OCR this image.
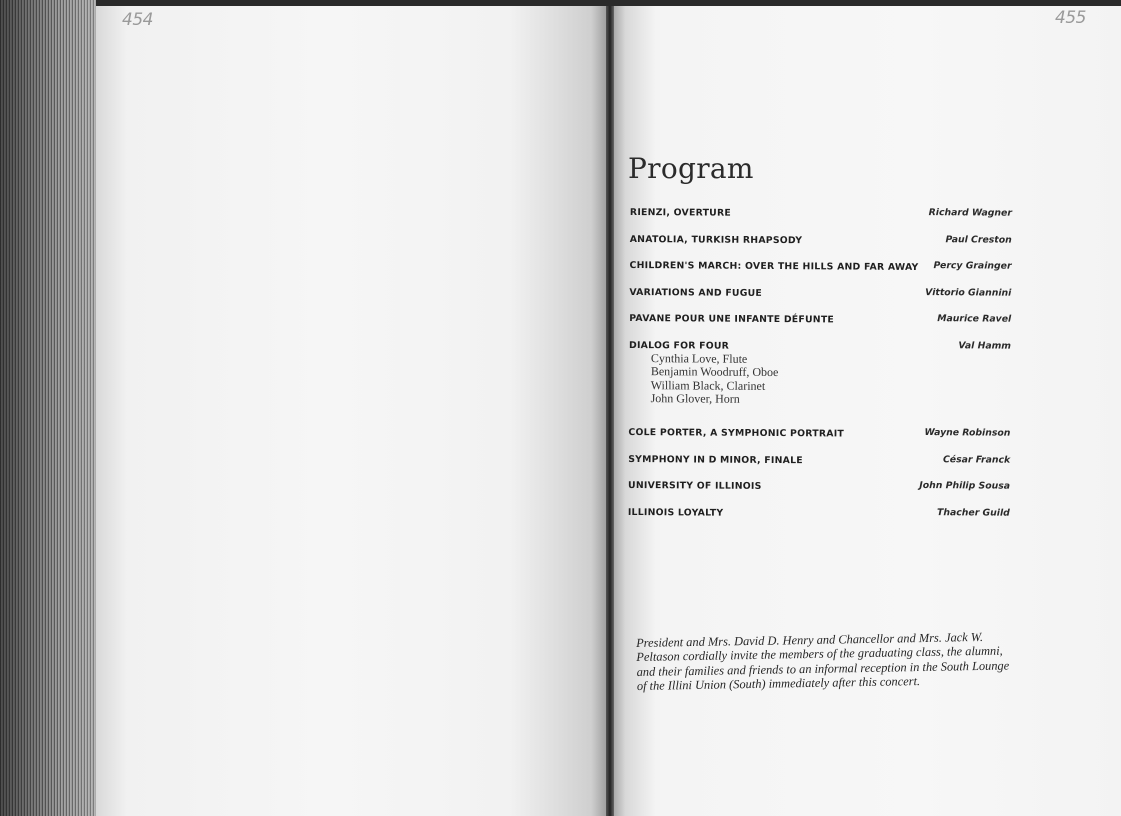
454	455
Program
RIENZI, OVERTURE	Richard Wagner
ANATOLIA, TURKISH RHAPSODY	Paul Creston
CHILDREN'S MARCH: OVER THE HILLS AND FAR AWAY Percy Grainger
VARIATIONS AND FUGUE	Vittorio Giannini
PAVANE POUR UNE INFANTE DÉFUNTE	Maurice Ravel
DIALOG FOR FOUR	Val Hamm
Cynthia Love, Flute
Benjamin Woodruff, Oboe
William Black, Clarinet
John Glover, Horn
COLE PORTER, A SYMPHONIC PORTRAIT	Wayne Robinson
SYMPHONY IN D MINOR, FINALE	César Franck
UNIVERSITY OF ILLINOIS	John Philip Sousa
ILLINOIS LOYALTY	Thacher Guild
President and Mrs. David D. Henry and Chancellor and Mrs. Jack W. Peltason cordially invite the members of the graduating class, the alumni, and their families and friends to an informal reception in the South Lounge of the Illini Union (South) immediately after this concert.
